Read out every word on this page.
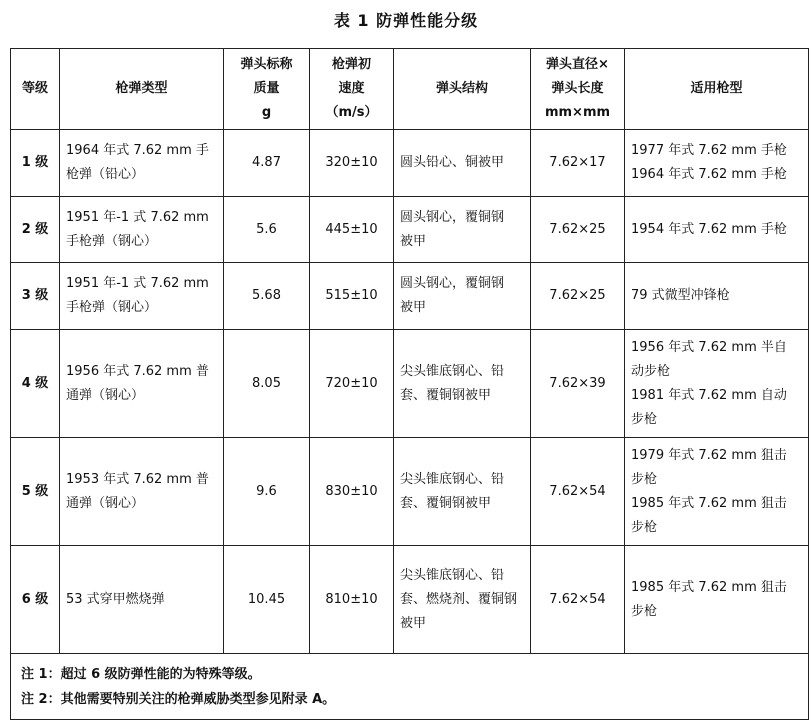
表 1 防弹性能分级
等级	枪弹类型	弹头标称
质量
g	枪弹初
速度
（m/s）	弹头结构	弹头直径×
弹头长度
mm×mm	适用枪型
1 级	1964 年式 7.62 mm 手
枪弹（铅心）	4.87	320±10	圆头铅心、铜被甲	7.62×17	1977 年式 7.62 mm 手枪
1964 年式 7.62 mm 手枪

2 级	1951 年-1 式 7.62 mm
手枪弹（钢心）	5.6	445±10	圆头钢心，覆铜钢
被甲	7.62×25	1954 年式 7.62 mm 手枪

3 级	1951 年-1 式 7.62 mm
手枪弹（钢心）	5.68	515±10	圆头钢心，覆铜钢
被甲	7.62×25	79 式微型冲锋枪

4 级	1956 年式 7.62 mm 普
通弹（钢心）	8.05	720±10	尖头锥底钢心、铅
套、覆铜钢被甲	7.62×39	1956 年式 7.62 mm 半自
动步枪
1981 年式 7.62 mm 自动
步枪

5 级	1953 年式 7.62 mm 普
通弹（钢心）	9.6	830±10	尖头锥底钢心、铅
套、覆铜钢被甲	7.62×54	1979 年式 7.62 mm 狙击
步枪
1985 年式 7.62 mm 狙击
步枪

6 级	53 式穿甲燃烧弹	10.45	810±10	尖头锥底钢心、铅
套、燃烧剂、覆铜钢
被甲	7.62×54	1985 年式 7.62 mm 狙击
步枪

注 1：超过 6 级防弹性能的为特殊等级。
注 2：其他需要特别关注的枪弹威胁类型参见附录 A。						
